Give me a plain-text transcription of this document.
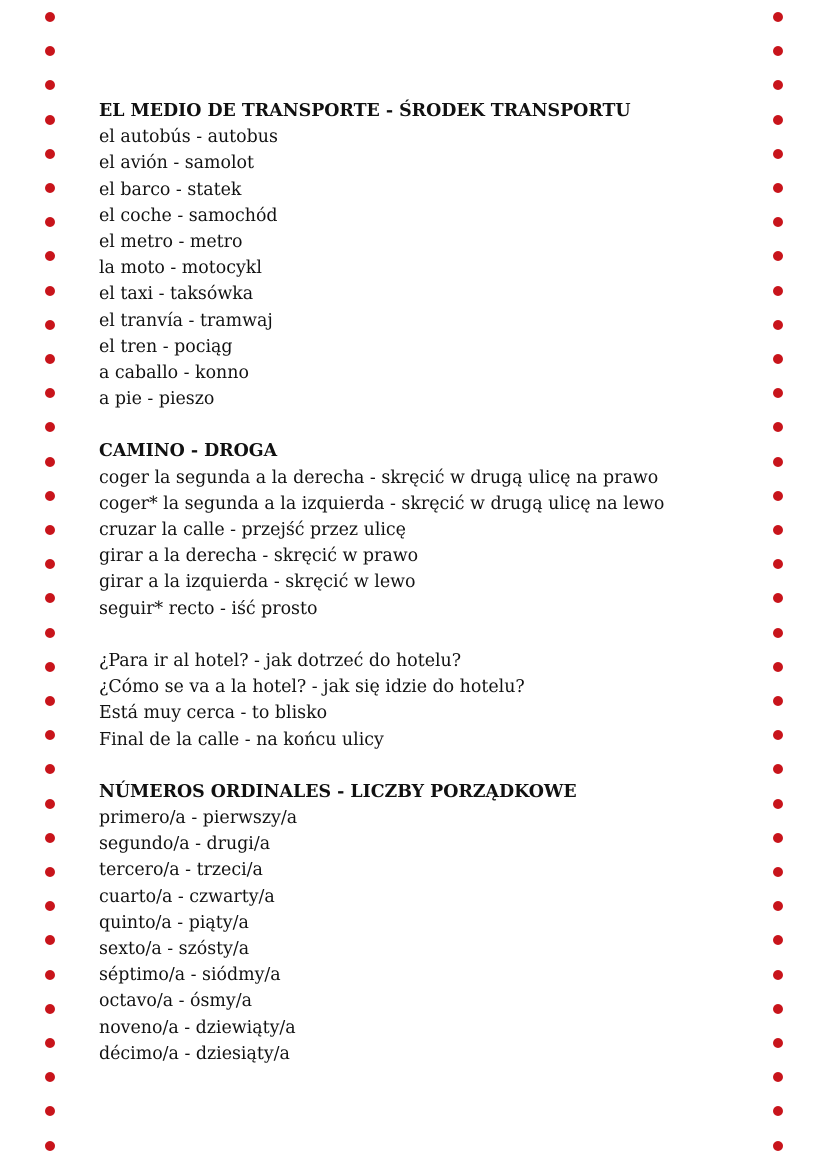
EL MEDIO DE TRANSPORTE - ŚRODEK TRANSPORTU
el autobús - autobus
el avión - samolot
el barco - statek
el coche - samochód
el metro - metro
la moto - motocykl
el taxi - taksówka
el tranvía - tramwaj
el tren - pociąg
a caballo - konno
a pie - pieszo
CAMINO - DROGA
coger la segunda a la derecha - skręcić w drugą ulicę na prawo
coger* la segunda a la izquierda - skręcić w drugą ulicę na lewo
cruzar la calle - przejść przez ulicę
girar a la derecha - skręcić w prawo
girar a la izquierda - skręcić w lewo
seguir* recto - iść prosto
¿Para ir al hotel? - jak dotrzeć do hotelu?
¿Cómo se va a la hotel? - jak się idzie do hotelu?
Está muy cerca - to blisko
Final de la calle - na końcu ulicy
NÚMEROS ORDINALES - LICZBY PORZĄDKOWE
primero/a - pierwszy/a
segundo/a - drugi/a
tercero/a - trzeci/a
cuarto/a - czwarty/a
quinto/a - piąty/a
sexto/a - szósty/a
séptimo/a - siódmy/a
octavo/a - ósmy/a
noveno/a - dziewiąty/a
décimo/a - dziesiąty/a
